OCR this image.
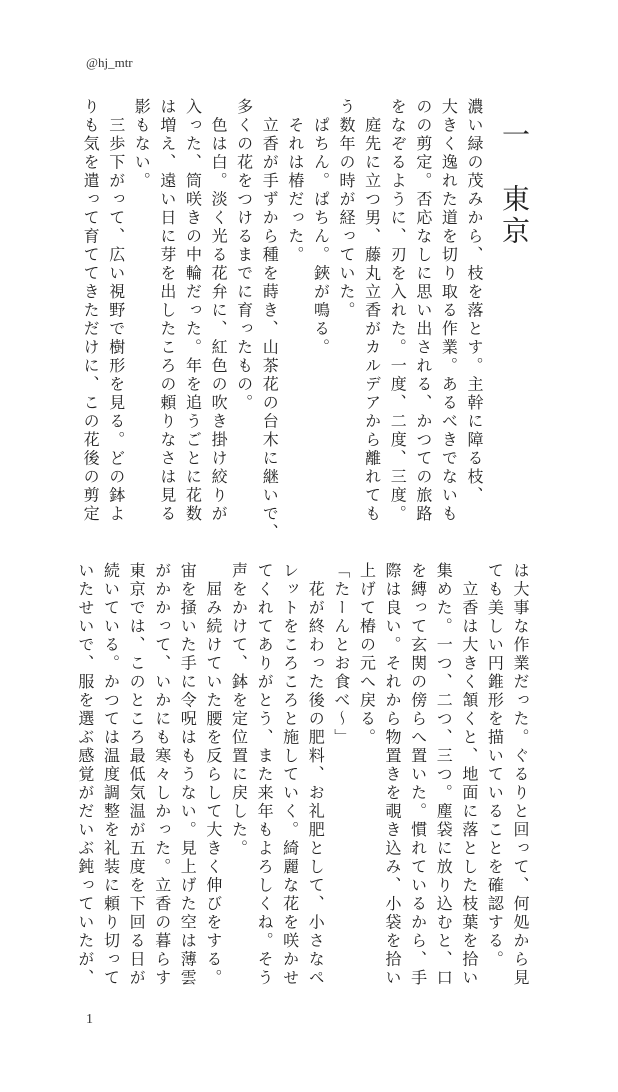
@hj_mtr
一　東京
濃い緑の茂みから、枝を落とす。主幹に障る枝、
大きく逸れた道を切り取る作業。あるべきでないも
のの剪定。否応なしに思い出される、かつての旅路
をなぞるように、刃を入れた。一度、二度、三度。
　庭先に立つ男、藤丸立香がカルデアから離れても
う数年の時が経っていた。
　ぱちん。ぱちん。鋏が鳴る。
　それは椿だった。
　立香が手ずから種を蒔き、山茶花の台木に継いで、
多くの花をつけるまでに育ったもの。
　色は白。淡く光る花弁に、紅色の吹き掛け絞りが
入った、筒咲きの中輪だった。年を追うごとに花数
は増え、遠い日に芽を出したころの頼りなさは見る
影もない。
　三歩下がって、広い視野で樹形を見る。どの鉢よ
りも気を遣って育ててきただけに、この花後の剪定
は大事な作業だった。ぐるりと回って、何処から見
ても美しい円錐形を描いていることを確認する。
　立香は大きく頷くと、地面に落とした枝葉を拾い
集めた。一つ、二つ、三つ。塵袋に放り込むと、口
を縛って玄関の傍らへ置いた。慣れているから、手
際は良い。それから物置きを覗き込み、小袋を拾い
上げて椿の元へ戻る。
「たーんとお食べ〜」
　花が終わった後の肥料、お礼肥として、小さなペ
レットをころころと施していく。綺麗な花を咲かせ
てくれてありがとう、また来年もよろしくね。そう
声をかけて、鉢を定位置に戻した。
　屈み続けていた腰を反らして大きく伸びをする。
宙を掻いた手に令呪はもうない。見上げた空は薄雲
がかかって、いかにも寒々しかった。立香の暮らす
東京では、このところ最低気温が五度を下回る日が
続いている。かつては温度調整を礼装に頼り切って
いたせいで、服を選ぶ感覚がだいぶ鈍っていたが、
1
